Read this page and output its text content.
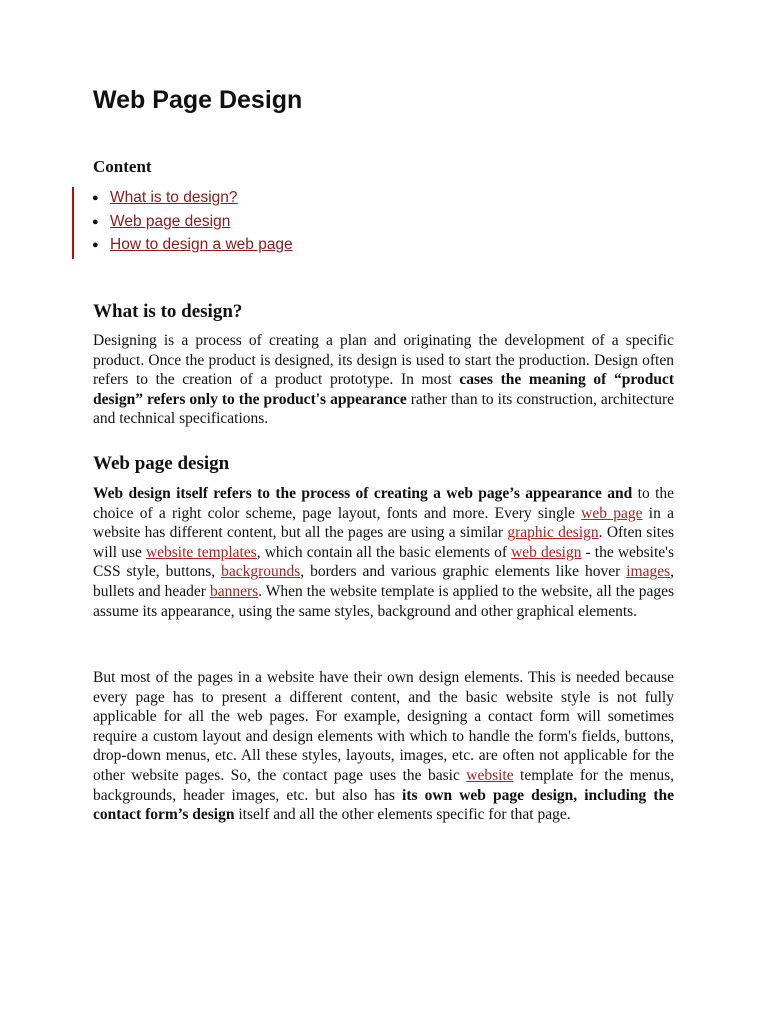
Web Page Design
Content
● What is to design?
● Web page design
● How to design a web page
What is to design?

Designing is a process of creating a plan and originating the development of a specific product. Once the product is designed, its design is used to start the production. Design often refers to the creation of a product prototype. In most cases the meaning of “product design” refers only to the product's appearance rather than to its construction, architecture and technical specifications.

Web page design

Web design itself refers to the process of creating a web page’s appearance and to the choice of a right color scheme, page layout, fonts and more. Every single web page in a website has different content, but all the pages are using a similar graphic design. Often sites will use website templates, which contain all the basic elements of web design - the website's CSS style, buttons, backgrounds, borders and various graphic elements like hover images, bullets and header banners. When the website template is applied to the website, all the pages assume its appearance, using the same styles, background and other graphical elements.

But most of the pages in a website have their own design elements. This is needed because every page has to present a different content, and the basic website style is not fully applicable for all the web pages. For example, designing a contact form will sometimes require a custom layout and design elements with which to handle the form's fields, buttons, drop-down menus, etc. All these styles, layouts, images, etc. are often not applicable for the other website pages. So, the contact page uses the basic website template for the menus, backgrounds, header images, etc. but also has its own web page design, including the contact form’s design itself and all the other elements specific for that page.
